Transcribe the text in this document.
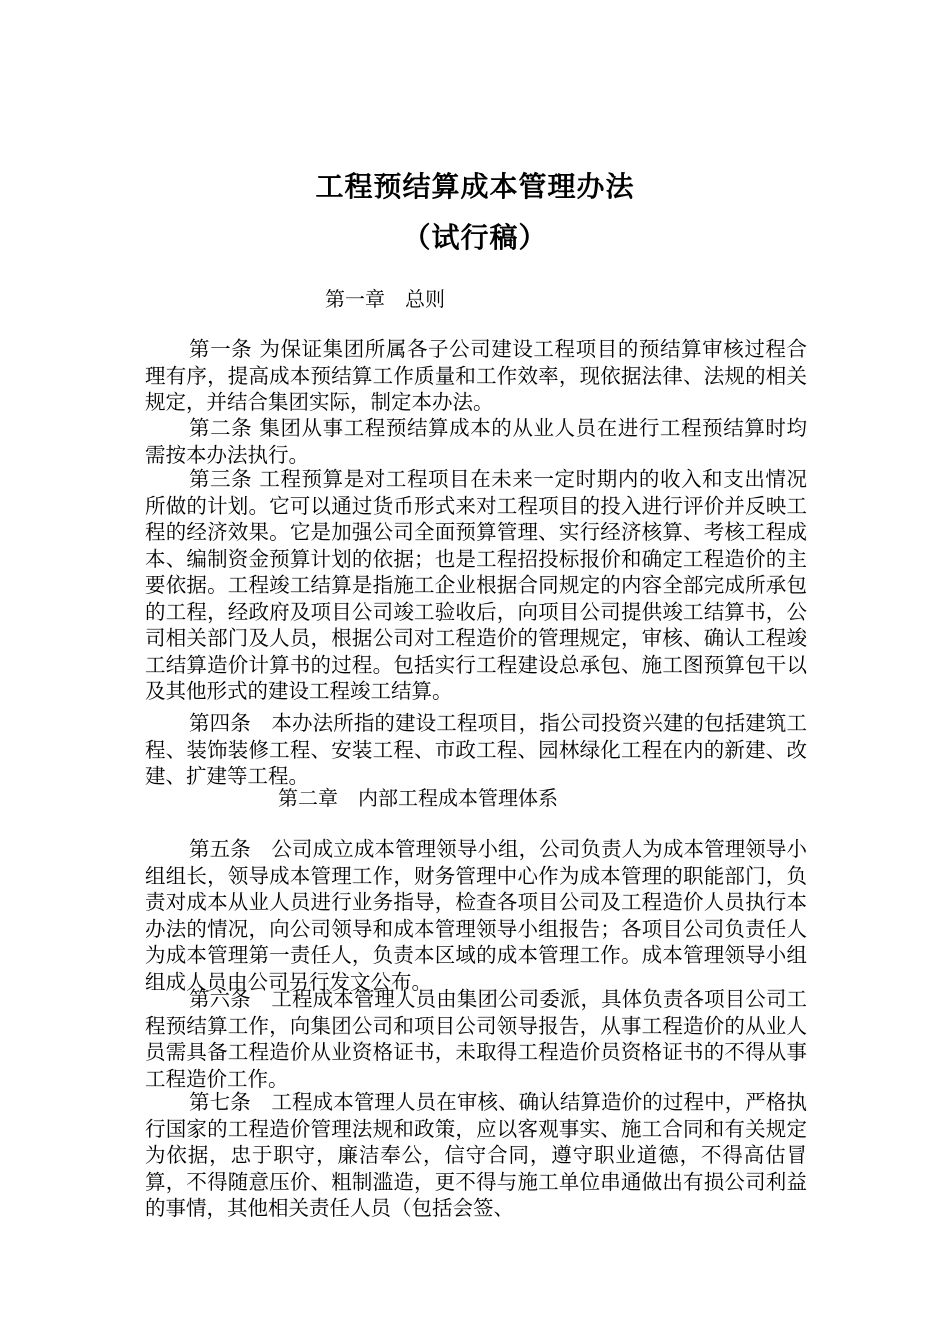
工程预结算成本管理办法
（试行稿）
第一章　总则

第一条 为保证集团所属各子公司建设工程项目的预结算审核过程合理有序，提高成本预结算工作质量和工作效率，现依据法律、法规的相关规定，并结合集团实际，制定本办法。

第二条 集团从事工程预结算成本的从业人员在进行工程预结算时均需按本办法执行。

第三条 工程预算是对工程项目在未来一定时期内的收入和支出情况所做的计划。它可以通过货币形式来对工程项目的投入进行评价并反映工程的经济效果。它是加强公司全面预算管理、实行经济核算、考核工程成本、编制资金预算计划的依据；也是工程招投标报价和确定工程造价的主要依据。工程竣工结算是指施工企业根据合同规定的内容全部完成所承包的工程，经政府及项目公司竣工验收后，向项目公司提供竣工结算书，公司相关部门及人员，根据公司对工程造价的管理规定，审核、确认工程竣工结算造价计算书的过程。包括实行工程建设总承包、施工图预算包干以及其他形式的建设工程竣工结算。

第四条　本办法所指的建设工程项目，指公司投资兴建的包括建筑工程、装饰装修工程、安装工程、市政工程、园林绿化工程在内的新建、改建、扩建等工程。

第二章　内部工程成本管理体系

第五条　公司成立成本管理领导小组，公司负责人为成本管理领导小组组长，领导成本管理工作，财务管理中心作为成本管理的职能部门，负责对成本从业人员进行业务指导，检查各项目公司及工程造价人员执行本办法的情况，向公司领导和成本管理领导小组报告；各项目公司负责任人为成本管理第一责任人，负责本区域的成本管理工作。成本管理领导小组组成人员由公司另行发文公布。

第六条　工程成本管理人员由集团公司委派，具体负责各项目公司工程预结算工作，向集团公司和项目公司领导报告，从事工程造价的从业人员需具备工程造价从业资格证书，未取得工程造价员资格证书的不得从事工程造价工作。

第七条　工程成本管理人员在审核、确认结算造价的过程中，严格执行国家的工程造价管理法规和政策，应以客观事实、施工合同和有关规定为依据，忠于职守，廉洁奉公，信守合同，遵守职业道德，不得高估冒算，不得随意压价、粗制滥造，更不得与施工单位串通做出有损公司利益的事情，其他相关责任人员（包括会签、
